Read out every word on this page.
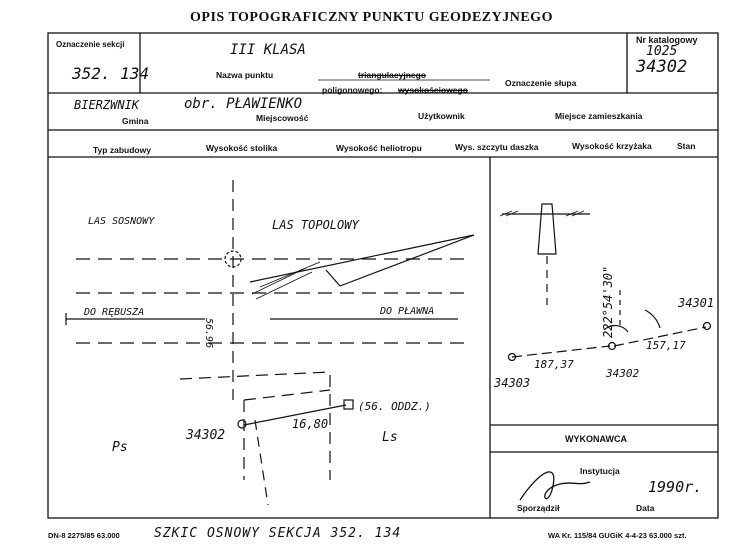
OPIS TOPOGRAFICZNY PUNKTU GEODEZYJNEGO
Oznaczenie sekcji
352. 134
III KLASA
Nazwa punktu	triangulacyjnego
poligonowego: wysokościowego
Oznaczenie słupa
Nr katalogowy
1025
34302
BIERZWNIK	obr. PŁAWIENKO
Gmina	Miejscowość	Użytkownik	Miejsce zamieszkania
Typ zabudowy	Wysokość stolika	Wysokość heliotropu	Wys. szczytu daszka	Wysokość krzyżaka	Stan
LAS SOSNOWY	LAS TOPOLOWY
DO RĘBUSZA	DO PŁAWNA
56.96
(56. ODDZ.)
16,80
34302
Ps
Ls
34301
34302
34303
157,17
187,37
222°54'30"
WYKONAWCA
Instytucja
Sporządził	Data
1990r.
DN-8 2275/85 63.000	SZKIC OSNOWY SEKCJA 352. 134	WA Kr. 115/84 GUGiK 4-4-23 63.000 szt.
